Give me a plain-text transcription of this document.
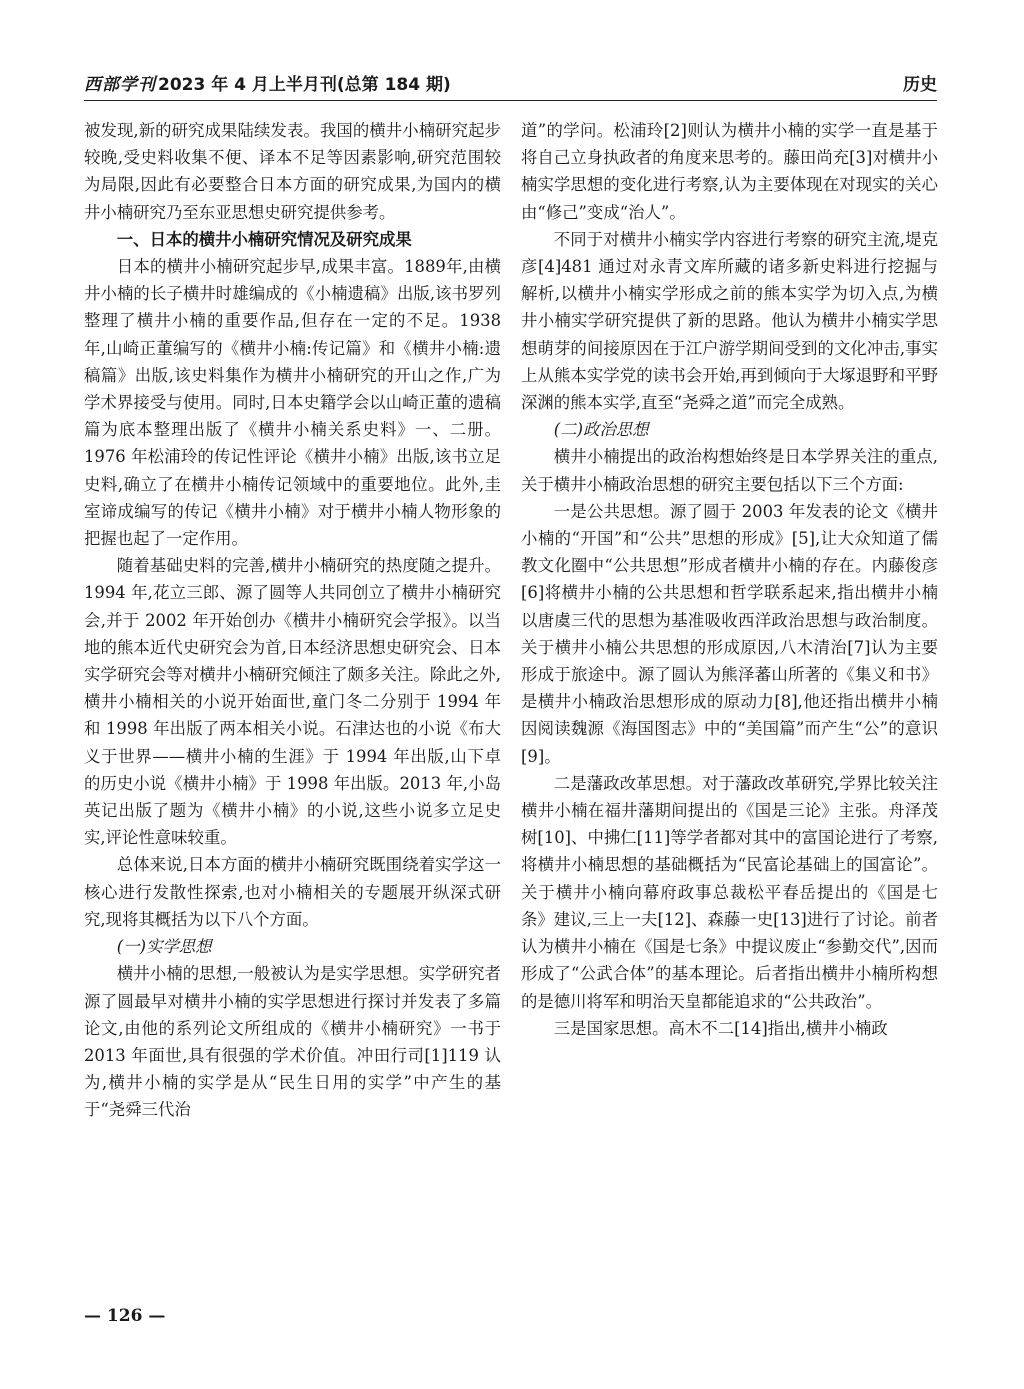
西部学刊 2023 年 4 月上半月刊(总第 184 期)	历史

被发现,新的研究成果陆续发表。我国的横井小楠研究起步较晚,受史料收集不便、译本不足等因素影响,研究范围较为局限,因此有必要整合日本方面的研究成果,为国内的横井小楠研究乃至东亚思想史研究提供参考。

一、日本的横井小楠研究情况及研究成果

日本的横井小楠研究起步早,成果丰富。1889年,由横井小楠的长子横井时雄编成的《小楠遗稿》出版,该书罗列整理了横井小楠的重要作品,但存在一定的不足。1938 年,山崎正董编写的《横井小楠:传记篇》和《横井小楠:遗稿篇》出版,该史料集作为横井小楠研究的开山之作,广为学术界接受与使用。同时,日本史籍学会以山崎正董的遗稿篇为底本整理出版了《横井小楠关系史料》一、二册。1976 年松浦玲的传记性评论《横井小楠》出版,该书立足史料,确立了在横井小楠传记领域中的重要地位。此外,圭室谛成编写的传记《横井小楠》对于横井小楠人物形象的把握也起了一定作用。

随着基础史料的完善,横井小楠研究的热度随之提升。1994 年,花立三郎、源了圆等人共同创立了横井小楠研究会,并于 2002 年开始创办《横井小楠研究会学报》。以当地的熊本近代史研究会为首,日本经济思想史研究会、日本实学研究会等对横井小楠研究倾注了颇多关注。除此之外,横井小楠相关的小说开始面世,童门冬二分别于 1994 年和 1998 年出版了两本相关小说。石津达也的小说《布大义于世界——横井小楠的生涯》于 1994 年出版,山下卓的历史小说《横井小楠》于 1998 年出版。2013 年,小岛英记出版了题为《横井小楠》的小说,这些小说多立足史实,评论性意味较重。

总体来说,日本方面的横井小楠研究既围绕着实学这一核心进行发散性探索,也对小楠相关的专题展开纵深式研究,现将其概括为以下八个方面。

(一)实学思想

横井小楠的思想,一般被认为是实学思想。实学研究者源了圆最早对横井小楠的实学思想进行探讨并发表了多篇论文,由他的系列论文所组成的《横井小楠研究》一书于 2013 年面世,具有很强的学术价值。冲田行司[1]119 认为,横井小楠的实学是从“民生日用的实学”中产生的基于“尧舜三代治

道”的学问。松浦玲[2]则认为横井小楠的实学一直是基于将自己立身执政者的角度来思考的。藤田尚充[3]对横井小楠实学思想的变化进行考察,认为主要体现在对现实的关心由“修己”变成“治人”。

不同于对横井小楠实学内容进行考察的研究主流,堤克彦[4]481 通过对永青文库所藏的诸多新史料进行挖掘与解析,以横井小楠实学形成之前的熊本实学为切入点,为横井小楠实学研究提供了新的思路。他认为横井小楠实学思想萌芽的间接原因在于江户游学期间受到的文化冲击,事实上从熊本实学党的读书会开始,再到倾向于大塚退野和平野深渊的熊本实学,直至“尧舜之道”而完全成熟。

(二)政治思想

横井小楠提出的政治构想始终是日本学界关注的重点,关于横井小楠政治思想的研究主要包括以下三个方面:

一是公共思想。源了圆于 2003 年发表的论文《横井小楠的“开国”和“公共”思想的形成》[5],让大众知道了儒教文化圈中“公共思想”形成者横井小楠的存在。内藤俊彦[6]将横井小楠的公共思想和哲学联系起来,指出横井小楠以唐虞三代的思想为基准吸收西洋政治思想与政治制度。关于横井小楠公共思想的形成原因,八木清治[7]认为主要形成于旅途中。源了圆认为熊泽蕃山所著的《集义和书》是横井小楠政治思想形成的原动力[8],他还指出横井小楠因阅读魏源《海国图志》中的“美国篇”而产生“公”的意识[9]。

二是藩政改革思想。对于藩政改革研究,学界比较关注横井小楠在福井藩期间提出的《国是三论》主张。舟泽茂树[10]、中拂仁[11]等学者都对其中的富国论进行了考察,将横井小楠思想的基础概括为“民富论基础上的国富论”。关于横井小楠向幕府政事总裁松平春岳提出的《国是七条》建议,三上一夫[12]、森藤一史[13]进行了讨论。前者认为横井小楠在《国是七条》中提议废止“参勤交代”,因而形成了“公武合体”的基本理论。后者指出横井小楠所构想的是德川将军和明治天皇都能追求的“公共政治”。

三是国家思想。高木不二[14]指出,横井小楠政

— 126 —
